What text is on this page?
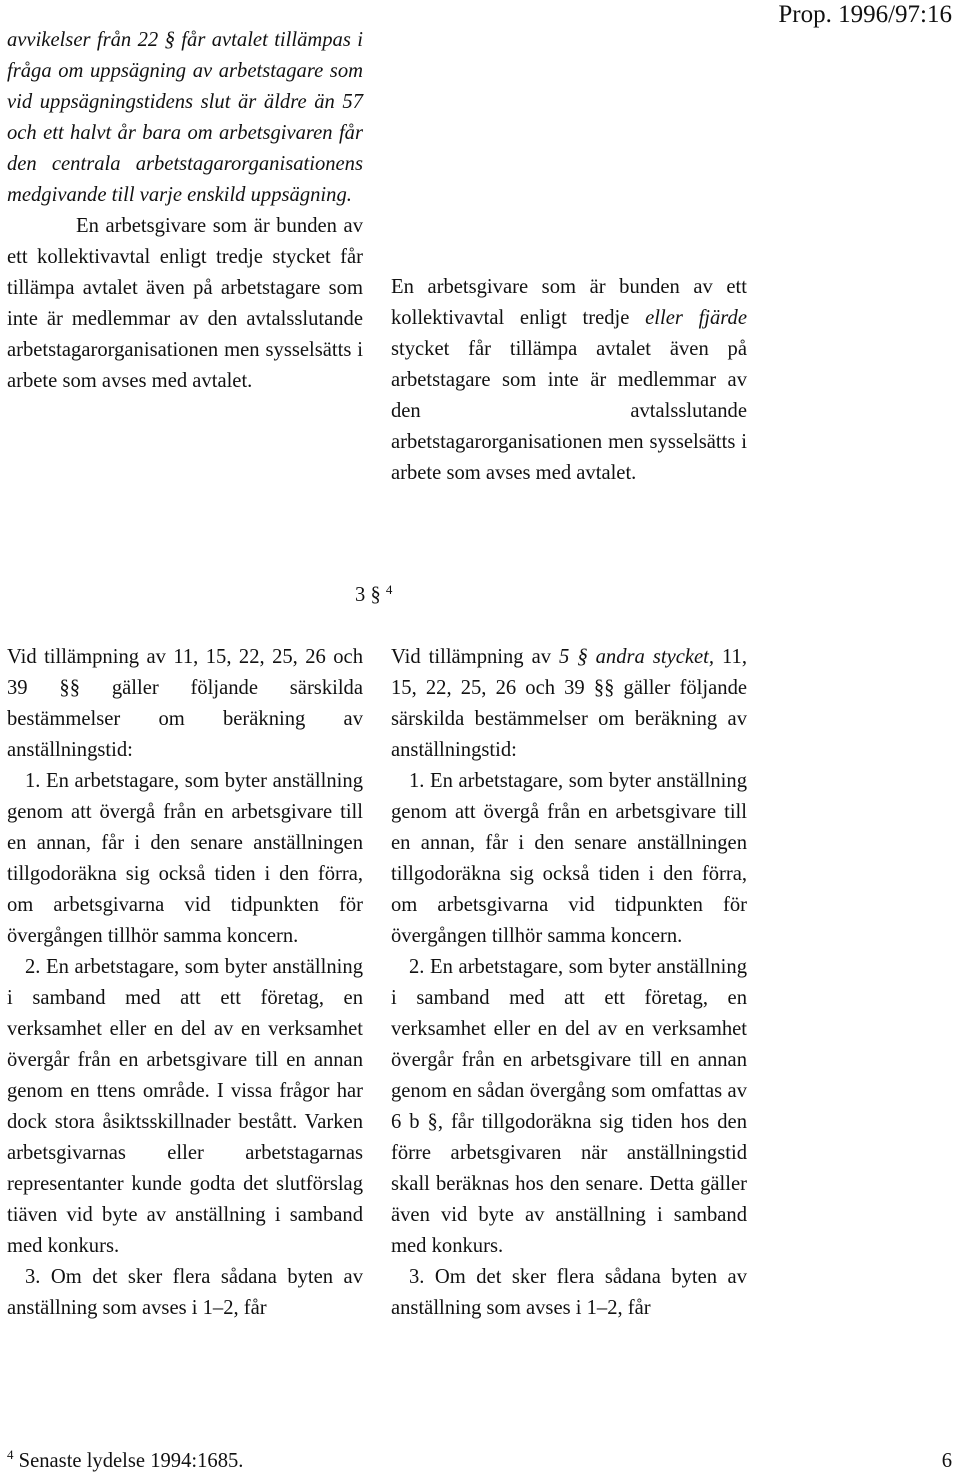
Prop. 1996/97:16

avvikelser från 22 § får avtalet tillämpas i fråga om uppsägning av arbetstagare som vid uppsägningstidens slut är äldre än 57 och ett halvt år bara om arbetsgivaren får den centrala arbetstagarorganisationens medgivande till varje enskild uppsägning.

En arbetsgivare som är bunden av ett kollektivavtal enligt tredje stycket får tillämpa avtalet även på arbetstagare som inte är medlemmar av den avtalsslutande arbetstagarorganisationen men sysselsätts i arbete som avses med avtalet.

En arbetsgivare som är bunden av ett kollektivavtal enligt tredje eller fjärde stycket får tillämpa avtalet även på arbetstagare som inte är medlemmar av den avtalsslutande arbetstagarorganisationen men sysselsätts i arbete som avses med avtalet.

3 § $^4$

Vid tillämpning av 11, 15, 22, 25, 26 och 39 §§ gäller följande särskilda bestämmelser om beräkning av anställningstid:

1. En arbetstagare, som byter anställning genom att övergå från en arbetsgivare till en annan, får i den senare anställningen tillgodoräkna sig också tiden i den förra, om arbetsgivarna vid tidpunkten för övergången tillhör samma koncern.

2. En arbetstagare, som byter anställning i samband med att ett företag, en verksamhet eller en del av en verksamhet övergår från en arbetsgivare till en annan genom en ttens område. I vissa frågor har dock stora åsiktsskillnader bestått. Varken arbetsgivarnas eller arbetstagarnas representanter kunde godta det slutförslag tiäven vid byte av anställning i samband med konkurs.

3. Om det sker flera sådana byten av anställning som avses i 1–2, får

Vid tillämpning av 5 § andra stycket, 11, 15, 22, 25, 26 och 39 §§ gäller följande särskilda bestämmelser om beräkning av anställningstid:

1. En arbetstagare, som byter anställning genom att övergå från en arbetsgivare till en annan, får i den senare anställningen tillgodoräkna sig också tiden i den förra, om arbetsgivarna vid tidpunkten för övergången tillhör samma koncern.

2. En arbetstagare, som byter anställning i samband med att ett företag, en verksamhet eller en del av en verksamhet övergår från en arbetsgivare till en annan genom en sådan övergång som omfattas av 6 b §, får tillgodoräkna sig tiden hos den förre arbetsgivaren när anställningstid skall beräknas hos den senare. Detta gäller även vid byte av anställning i samband med konkurs.

3. Om det sker flera sådana byten av anställning som avses i 1–2, får

$^4$ Senaste lydelse 1994:1685.	6
